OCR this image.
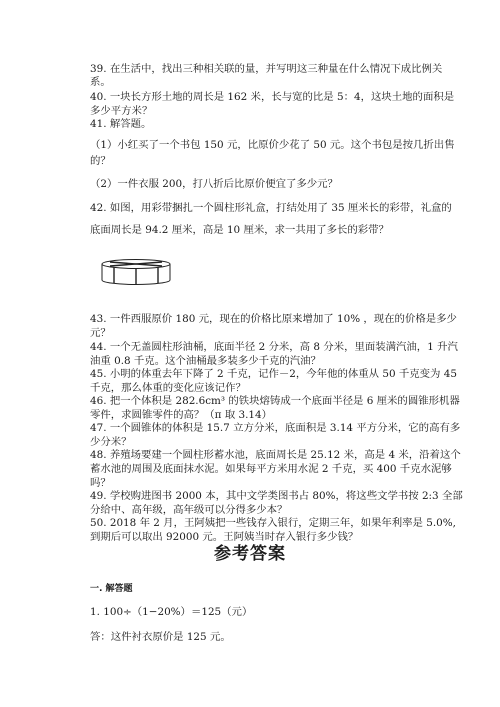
39. 在生活中，找出三种相关联的量，并写明这三种量在什么情况下成比例关
系。
40. 一块长方形土地的周长是 162 米，长与宽的比是 5：4，这块土地的面积是
多少平方米？
41. 解答题。
（1）小红买了一个书包 150 元，比原价少花了 50 元。这个书包是按几折出售
的？
（2）一件衣服 200，打八折后比原价便宜了多少元？
42. 如图，用彩带捆扎一个圆柱形礼盒，打结处用了 35 厘米长的彩带，礼盒的
底面周长是 94.2 厘米，高是 10 厘米，求一共用了多长的彩带？
43. 一件西服原价 180 元，现在的价格比原来增加了 10% ，现在的价格是多少
元？
44. 一个无盖圆柱形油桶，底面半径 2 分米，高 8 分米，里面装满汽油，1 升汽
油重 0.8 千克。这个油桶最多装多少千克的汽油？
45. 小明的体重去年下降了 2 千克，记作－2，今年他的体重从 50 千克变为 45
千克，那么体重的变化应该记作？
46. 把一个体积是 282.6cm³ 的铁块熔铸成一个底面半径是 6 厘米的圆锥形机器
零件，求圆锥零件的高？（π 取 3.14）
47. 一个圆锥体的体积是 15.7 立方分米，底面积是 3.14 平方分米，它的高有多
少分米？
48. 养殖场要建一个圆柱形蓄水池，底面周长是 25.12 米，高是 4 米，沿着这个
蓄水池的周围及底面抹水泥。如果每平方米用水泥 2 千克，买 400 千克水泥够
吗？
49. 学校购进图书 2000 本，其中文学类图书占 80%，将这些文学书按 2:3 全部
分给中、高年级，高年级可以分得多少本？
50. 2018 年 2 月，王阿姨把一些钱存入银行，定期三年，如果年利率是 5.0%,
到期后可以取出 92000 元。王阿姨当时存入银行多少钱？
参考答案
一. 解答题
1. 100÷（1−20%）＝125（元）
答：这件衬衣原价是 125 元。
